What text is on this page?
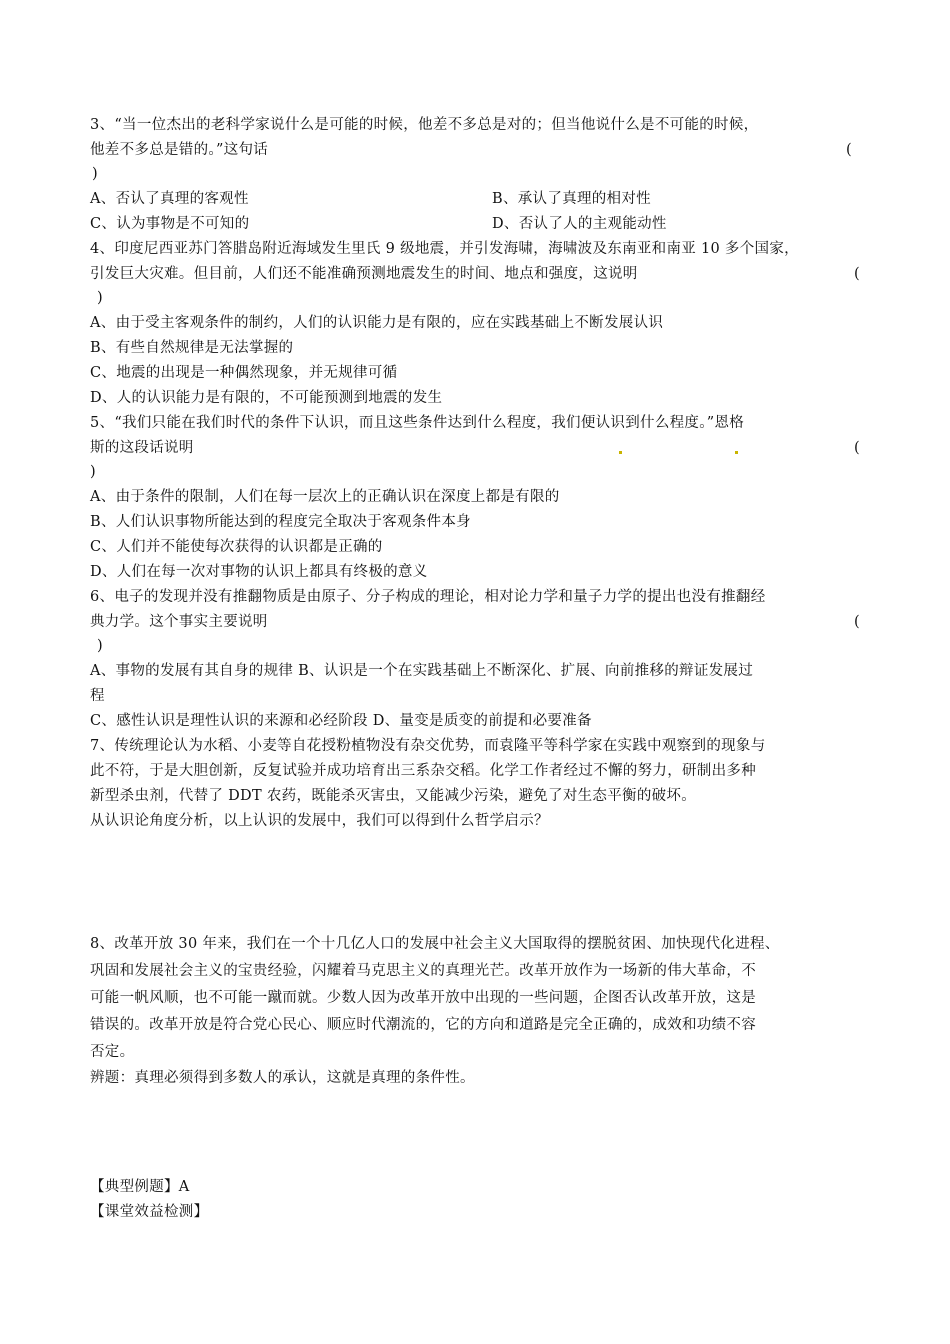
3、“当一位杰出的老科学家说什么是可能的时候，他差不多总是对的；但当他说什么是不可能的时候，
他差不多总是错的。”这句话	(
)
A、否认了真理的客观性	B、承认了真理的相对性
C、认为事物是不可知的	D、否认了人的主观能动性
4、印度尼西亚苏门答腊岛附近海域发生里氏 9 级地震，并引发海啸，海啸波及东南亚和南亚 10 多个国家，
引发巨大灾难。但目前，人们还不能准确预测地震发生的时间、地点和强度，这说明	(
)
A、由于受主客观条件的制约，人们的认识能力是有限的，应在实践基础上不断发展认识
B、有些自然规律是无法掌握的
C、地震的出现是一种偶然现象，并无规律可循
D、人的认识能力是有限的，不可能预测到地震的发生
5、“我们只能在我们时代的条件下认识，而且这些条件达到什么程度，我们便认识到什么程度。”恩格
斯的这段话说明	(
)
A、由于条件的限制，人们在每一层次上的正确认识在深度上都是有限的
B、人们认识事物所能达到的程度完全取决于客观条件本身
C、人们并不能使每次获得的认识都是正确的
D、人们在每一次对事物的认识上都具有终极的意义
6、电子的发现并没有推翻物质是由原子、分子构成的理论，相对论力学和量子力学的提出也没有推翻经
典力学。这个事实主要说明	(
)
A、事物的发展有其自身的规律 B、认识是一个在实践基础上不断深化、扩展、向前推移的辩证发展过
程
C、感性认识是理性认识的来源和必经阶段 D、量变是质变的前提和必要准备
7、传统理论认为水稻、小麦等自花授粉植物没有杂交优势，而袁隆平等科学家在实践中观察到的现象与
此不符，于是大胆创新，反复试验并成功培育出三系杂交稻。化学工作者经过不懈的努力，研制出多种
新型杀虫剂，代替了 DDT 农药，既能杀灭害虫，又能减少污染，避免了对生态平衡的破坏。
从认识论角度分析，以上认识的发展中，我们可以得到什么哲学启示？
8、改革开放 30 年来，我们在一个十几亿人口的发展中社会主义大国取得的摆脱贫困、加快现代化进程、
巩固和发展社会主义的宝贵经验，闪耀着马克思主义的真理光芒。改革开放作为一场新的伟大革命，不
可能一帆风顺，也不可能一蹴而就。少数人因为改革开放中出现的一些问题，企图否认改革开放，这是
错误的。改革开放是符合党心民心、顺应时代潮流的，它的方向和道路是完全正确的，成效和功绩不容
否定。
辨题：真理必须得到多数人的承认，这就是真理的条件性。
【典型例题】A
【课堂效益检测】
